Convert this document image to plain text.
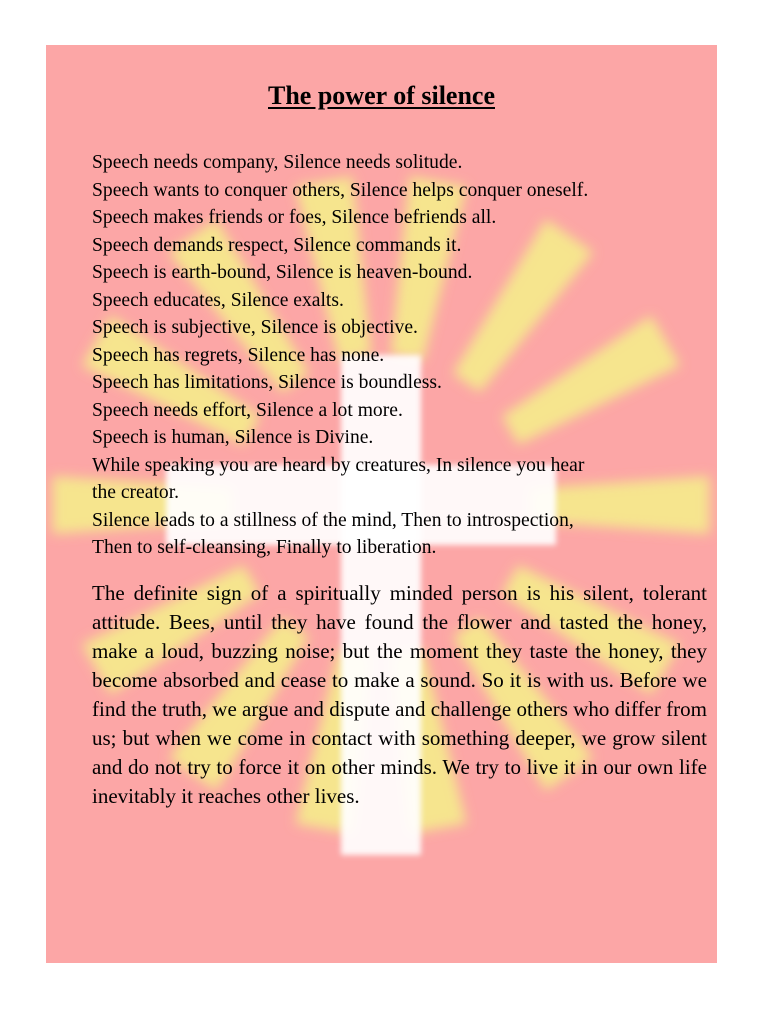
The power of silence
Speech needs company, Silence needs solitude.
Speech wants to conquer others, Silence helps conquer oneself.
Speech makes friends or foes, Silence befriends all.
Speech demands respect, Silence commands it.
Speech is earth-bound, Silence is heaven-bound.
Speech educates, Silence exalts.
Speech is subjective, Silence is objective.
Speech has regrets, Silence has none.
Speech has limitations, Silence is boundless.
Speech needs effort, Silence a lot more.
Speech is human, Silence is Divine.
While speaking you are heard by creatures, In silence you hear
the creator.
Silence leads to a stillness of the mind, Then to introspection,
Then to self-cleansing, Finally to liberation.

The definite sign of a spiritually minded person is his silent, tolerant attitude. Bees, until they have found the flower and tasted the honey, make a loud, buzzing noise; but the moment they taste the honey, they become absorbed and cease to make a sound. So it is with us. Before we find the truth, we argue and dispute and challenge others who differ from us; but when we come in contact with something deeper, we grow silent and do not try to force it on other minds. We try to live it in our own life inevitably it reaches other lives.
